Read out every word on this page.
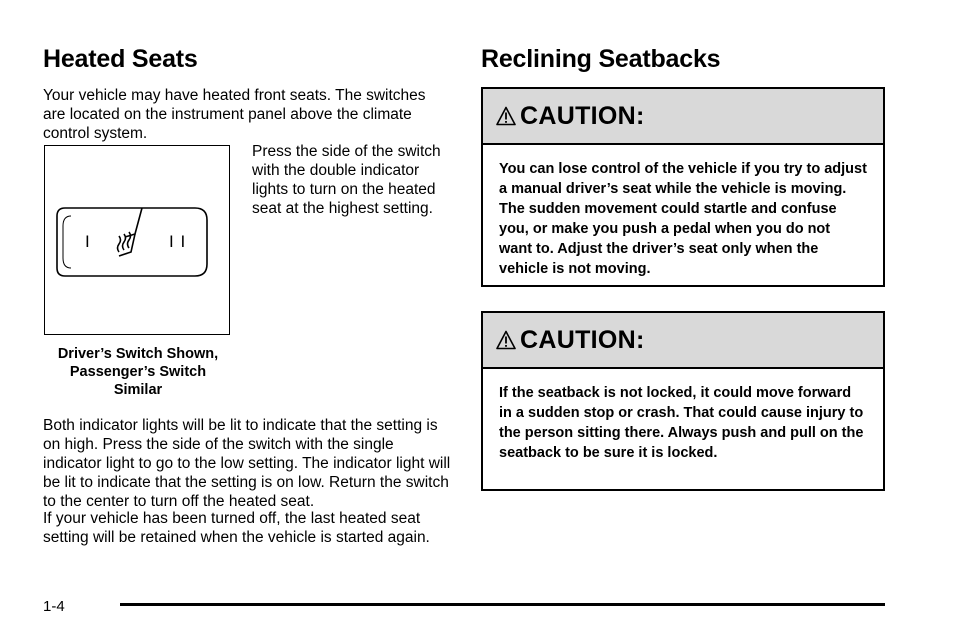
Heated Seats

Your vehicle may have heated front seats. The switches are located on the instrument panel above the climate control system.

I	I I
Driver’s Switch Shown,
Passenger’s Switch
Similar

Press the side of the switch with the double indicator lights to turn on the heated seat at the highest setting.

Both indicator lights will be lit to indicate that the setting is on high. Press the side of the switch with the single indicator light to go to the low setting. The indicator light will be lit to indicate that the setting is on low. Return the switch to the center to turn off the heated seat.

If your vehicle has been turned off, the last heated seat setting will be retained when the vehicle is started again.

Reclining Seatbacks
CAUTION:
You can lose control of the vehicle if you try to adjust a manual driver’s seat while the vehicle is moving. The sudden movement could startle and confuse you, or make you push a pedal when you do not want to. Adjust the driver’s seat only when the vehicle is not moving.
CAUTION:
If the seatback is not locked, it could move forward in a sudden stop or crash. That could cause injury to the person sitting there. Always push and pull on the seatback to be sure it is locked.
1-4
